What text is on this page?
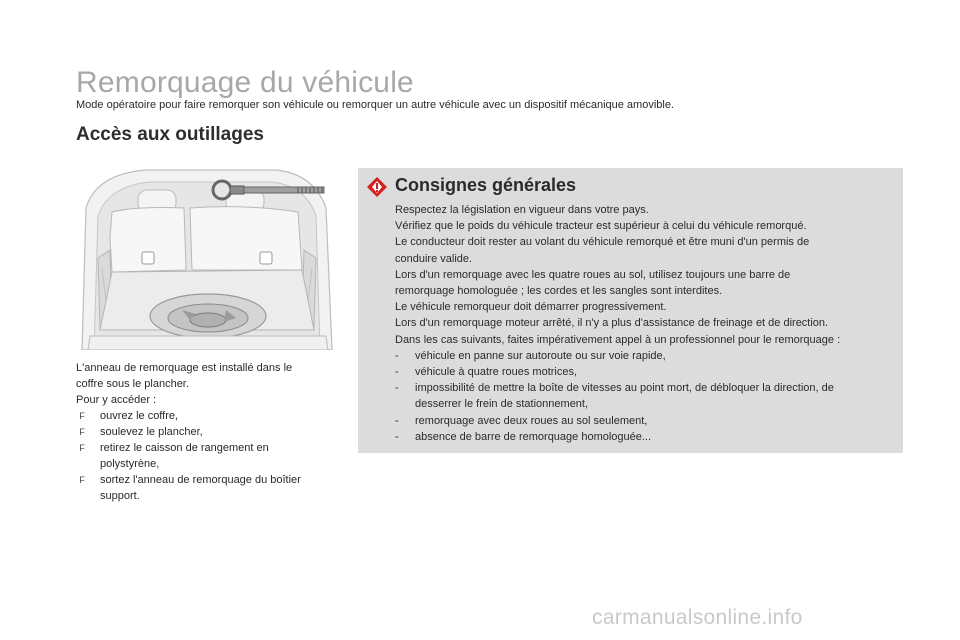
Remorquage du véhicule
Mode opératoire pour faire remorquer son véhicule ou remorquer un autre véhicule avec un dispositif mécanique amovible.
Accès aux outillages

L'anneau de remorquage est installé dans le

coffre sous le plancher.

Pour y accéder :

F ouvrez le coffre,
F soulevez le plancher,
F retirez le caisson de rangement en
polystyrène,
F sortez l'anneau de remorquage du boîtier
support.
Consignes générales

Respectez la législation en vigueur dans votre pays.

Vérifiez que le poids du véhicule tracteur est supérieur à celui du véhicule remorqué.

Le conducteur doit rester au volant du véhicule remorqué et être muni d'un permis de

conduire valide.

Lors d'un remorquage avec les quatre roues au sol, utilisez toujours une barre de

remorquage homologuée ; les cordes et les sangles sont interdites.

Le véhicule remorqueur doit démarrer progressivement.

Lors d'un remorquage moteur arrêté, il n'y a plus d'assistance de freinage et de direction.

Dans les cas suivants, faites impérativement appel à un professionnel pour le remorquage :

-	véhicule en panne sur autoroute ou sur voie rapide,
-	véhicule à quatre roues motrices,
-	impossibilité de mettre la boîte de vitesses au point mort, de débloquer la direction, de
desserrer le frein de stationnement,
-	remorquage avec deux roues au sol seulement,
-	absence de barre de remorquage homologuée...
carmanualsonline.info
